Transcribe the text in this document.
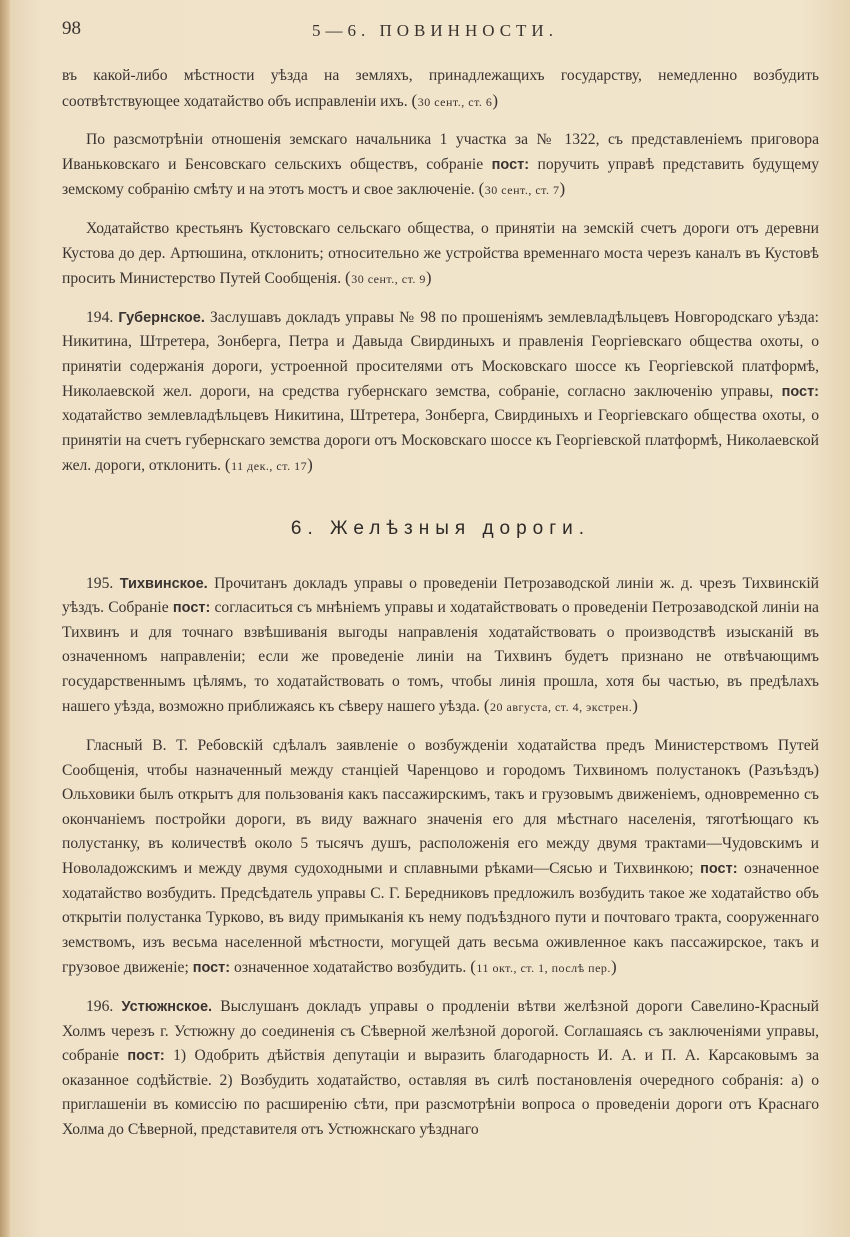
98	5—6. ПОВИННОСТИ.

въ какой-либо мѣстности уѣзда на земляхъ, принадлежащихъ государству, немедленно возбудить соотвѣтствующее ходатайство объ исправленіи ихъ. ( 30 сент., ст. 6 )

По разсмотрѣніи отношенія земскаго начальника 1 участка за № 1322, съ представленіемъ приговора Иваньковскаго и Бенсовскаго сельскихъ обществъ, собраніе пост: поручить управѣ представить будущему земскому собранію смѣту и на этотъ мостъ и свое заключеніе. ( 30 сент., ст. 7 )

Ходатайство крестьянъ Кустовскаго сельскаго общества, о принятіи на земскій счетъ дороги отъ деревни Кустова до дер. Артюшина, отклонить; относительно же устройства временнаго моста черезъ каналъ въ Кустовѣ просить Министерство Путей Сообщенія. ( 30 сент., ст. 9 )

194. Губернское. Заслушавъ докладъ управы № 98 по прошеніямъ землевладѣльцевъ Новгородскаго уѣзда: Никитина, Штретера, Зонберга, Петра и Давыда Свирдиныхъ и правленія Георгіевскаго общества охоты, о принятіи содержанія дороги, устроенной просителями отъ Московскаго шоссе къ Георгіевской платформѣ, Николаевской жел. дороги, на средства губернскаго земства, собраніе, согласно заключенію управы, пост: ходатайство землевладѣльцевъ Никитина, Штретера, Зонберга, Свирдиныхъ и Георгіевскаго общества охоты, о принятіи на счетъ губернскаго земства дороги отъ Московскаго шоссе къ Георгіевской платформѣ, Николаевской жел. дороги, отклонить. ( 11 дек., ст. 17 )

6. Желѣзныя дороги.

195. Тихвинское. Прочитанъ докладъ управы о проведеніи Петрозаводской линіи ж. д. чрезъ Тихвинскій уѣздъ. Собраніе пост: согласиться съ мнѣніемъ управы и ходатайствовать о проведеніи Петрозаводской линіи на Тихвинъ и для точнаго взвѣшиванія выгоды направленія ходатайствовать о производствѣ изысканій въ означенномъ направленіи; если же проведеніе линіи на Тихвинъ будетъ признано не отвѣчающимъ государственнымъ цѣлямъ, то ходатайствовать о томъ, чтобы линія прошла, хотя бы частью, въ предѣлахъ нашего уѣзда, возможно приближаясь къ сѣверу нашего уѣзда. ( 20 августа, ст. 4, экстрен. )

Гласный В. Т. Ребовскій сдѣлалъ заявленіе о возбужденіи ходатайства предъ Министерствомъ Путей Сообщенія, чтобы назначенный между станціей Чаренцово и городомъ Тихвиномъ полустанокъ (Разъѣздъ) Ольховики былъ открытъ для пользованія какъ пассажирскимъ, такъ и грузовымъ движеніемъ, одновременно съ окончаніемъ постройки дороги, въ виду важнаго значенія его для мѣстнаго населенія, тяготѣющаго къ полустанку, въ количествѣ около 5 тысячъ душъ, расположенія его между двумя трактами—Чудовскимъ и Новоладожскимъ и между двумя судоходными и сплавными рѣками—Сясью и Тихвинкою; пост: означенное ходатайство возбудить. Предсѣдатель управы С. Г. Бередниковъ предложилъ возбудить такое же ходатайство объ открытіи полустанка Турково, въ виду примыканія къ нему подъѣздного пути и почтоваго тракта, сооруженнаго земствомъ, изъ весьма населенной мѣстности, могущей дать весьма оживленное какъ пассажирское, такъ и грузовое движеніе; пост: означенное ходатайство возбудить. ( 11 окт., ст. 1, послѣ пер. )

196. Устюжнское. Выслушанъ докладъ управы о продленіи вѣтви желѣзной дороги Савелино-Красный Холмъ черезъ г. Устюжну до соединенія съ Сѣверной желѣзной дорогой. Соглашаясь съ заключеніями управы, собраніе пост: 1) Одобрить дѣйствія депутаціи и выразить благодарность И. А. и П. А. Карсаковымъ за оказанное содѣйствіе. 2) Возбудить ходатайство, оставляя въ силѣ постановленія очередного собранія: а) о приглашеніи въ комиссію по расширенію сѣти, при разсмотрѣніи вопроса о проведеніи дороги отъ Краснаго Холма до Сѣверной, представителя отъ Устюжнскаго уѣзднаго
